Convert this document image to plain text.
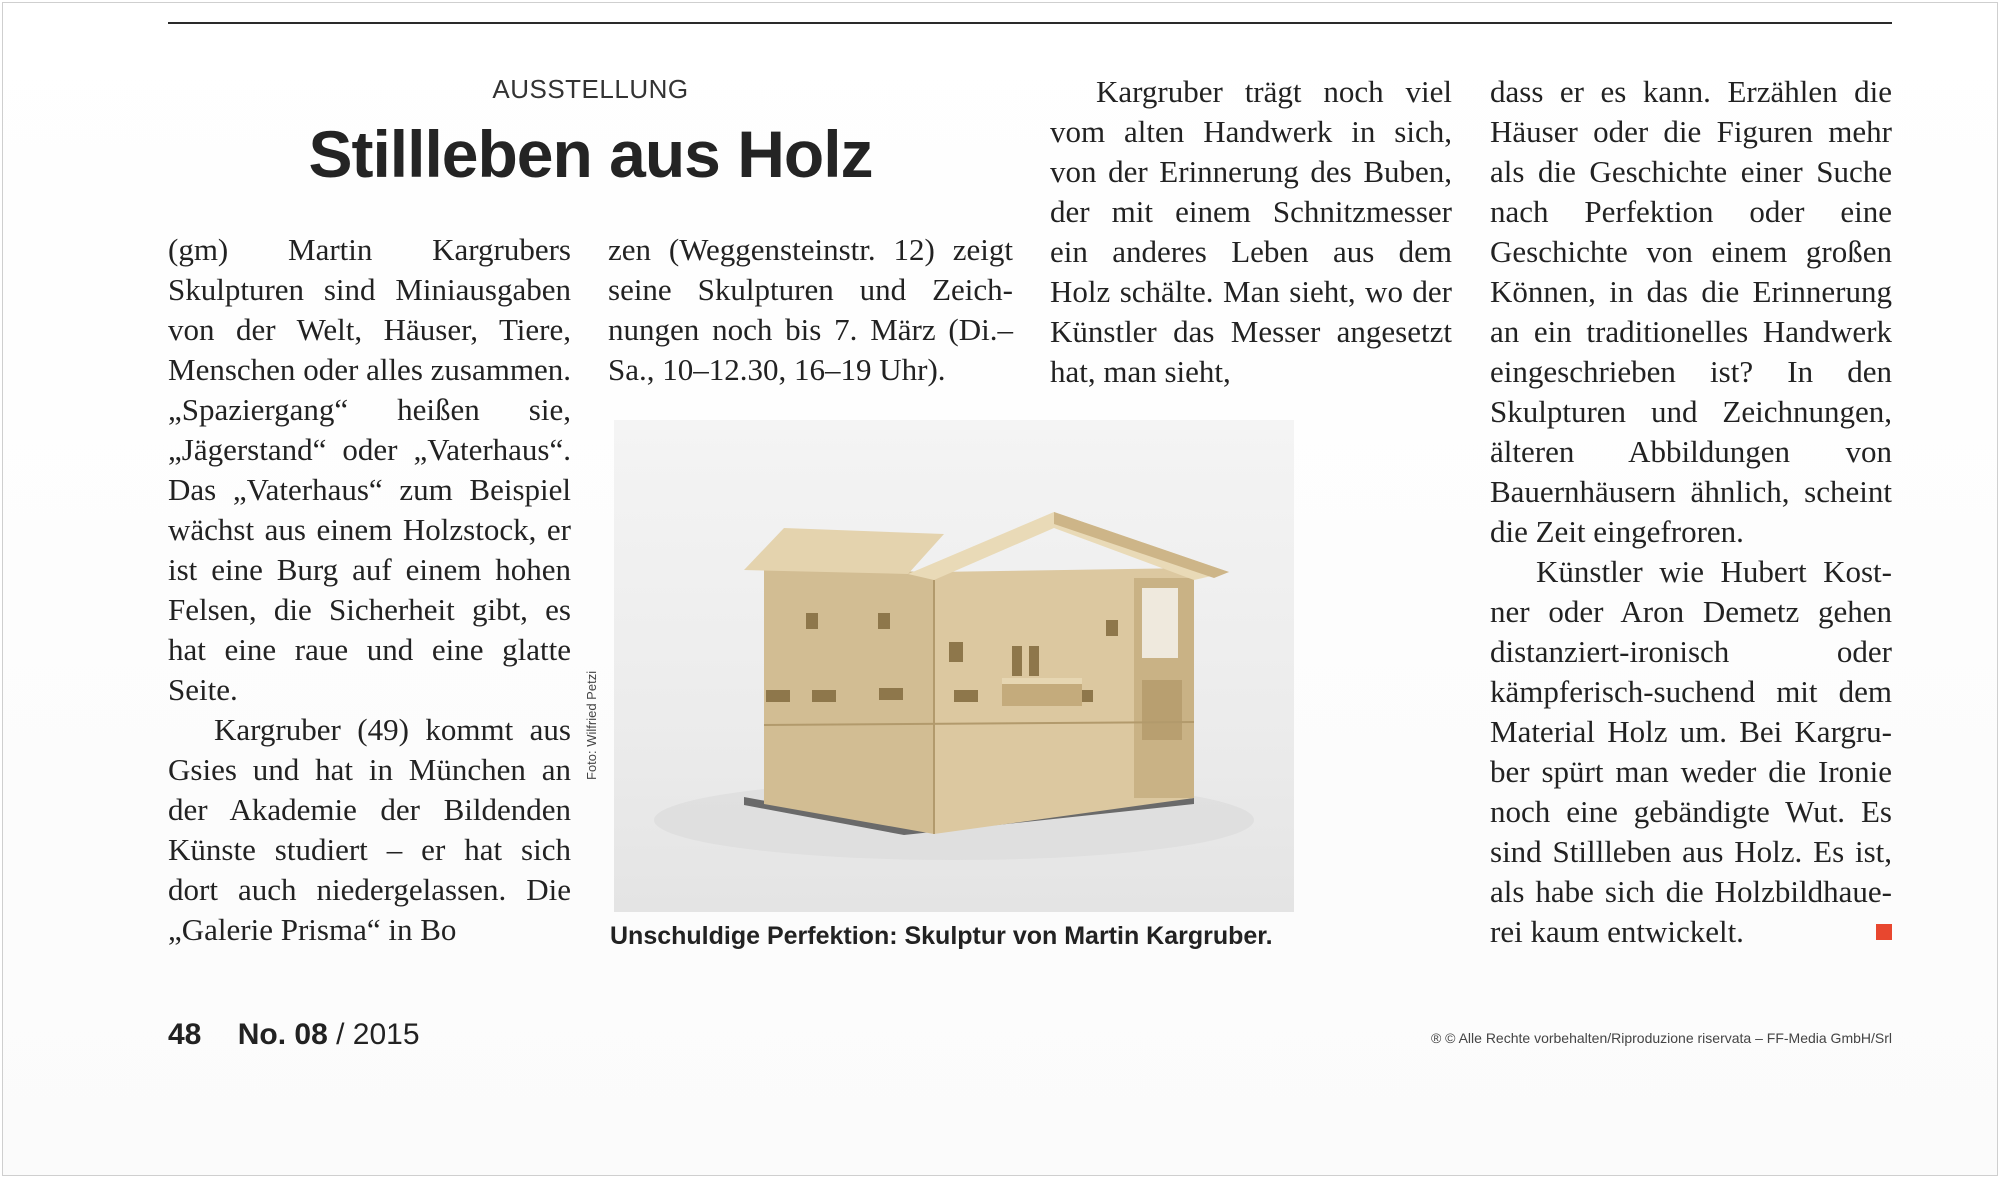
AUSSTELLUNG
Stillleben aus Holz

(gm) Martin Kargrubers Skulpturen sind Miniausgaben von der Welt, Häuser, Tiere, Menschen oder alles zusammen. „Spaziergang“ heißen sie, „Jägerstand“ oder „Vaterhaus“. Das „Vaterhaus“ zum Beispiel wächst aus einem Holzstock, er ist eine Burg auf einem hohen Felsen, die Sicherheit gibt, es hat eine raue und eine glatte Seite.

Kargruber (49) kommt aus Gsies und hat in München an der Akademie der Bildenden Künste studiert – er hat sich dort auch niedergelassen. Die „Galerie Prisma“ in Bo

zen (Weggensteinstr. 12) zeigt seine Skulpturen und Zeichnungen noch bis 7. März (Di.– Sa., 10–12.30, 16–19 Uhr).

Kargruber trägt noch viel vom alten Handwerk in sich, von der Erinnerung des Buben, der mit einem Schnitzmesser ein anderes Leben aus dem Holz schälte. Man sieht, wo der Künstler das Messer angesetzt hat, man sieht,

dass er es kann. Erzählen die Häuser oder die Figuren mehr als die Geschichte einer Suche nach Perfektion oder eine Geschichte von einem großen Können, in das die Erinnerung an ein traditionelles Handwerk eingeschrieben ist? In den Skulpturen und Zeichnungen, älteren Abbildungen von Bauernhäusern ähnlich, scheint die Zeit eingefroren.

Künstler wie Hubert Kostner oder Aron Demetz gehen distanziert-ironisch oder kämpferisch-suchend mit dem Material Holz um. Bei Kargruber spürt man weder die Ironie noch eine gebändigte Wut. Es sind Stillleben aus Holz. Es ist, als habe sich die Holzbildhauerei kaum entwickelt.

Foto: Wilfried Petzi
Unschuldige Perfektion: Skulptur von Martin Kargruber.
48 No. 08 / 2015	® © Alle Rechte vorbehalten/Riproduzione riservata – FF-Media GmbH/Srl
